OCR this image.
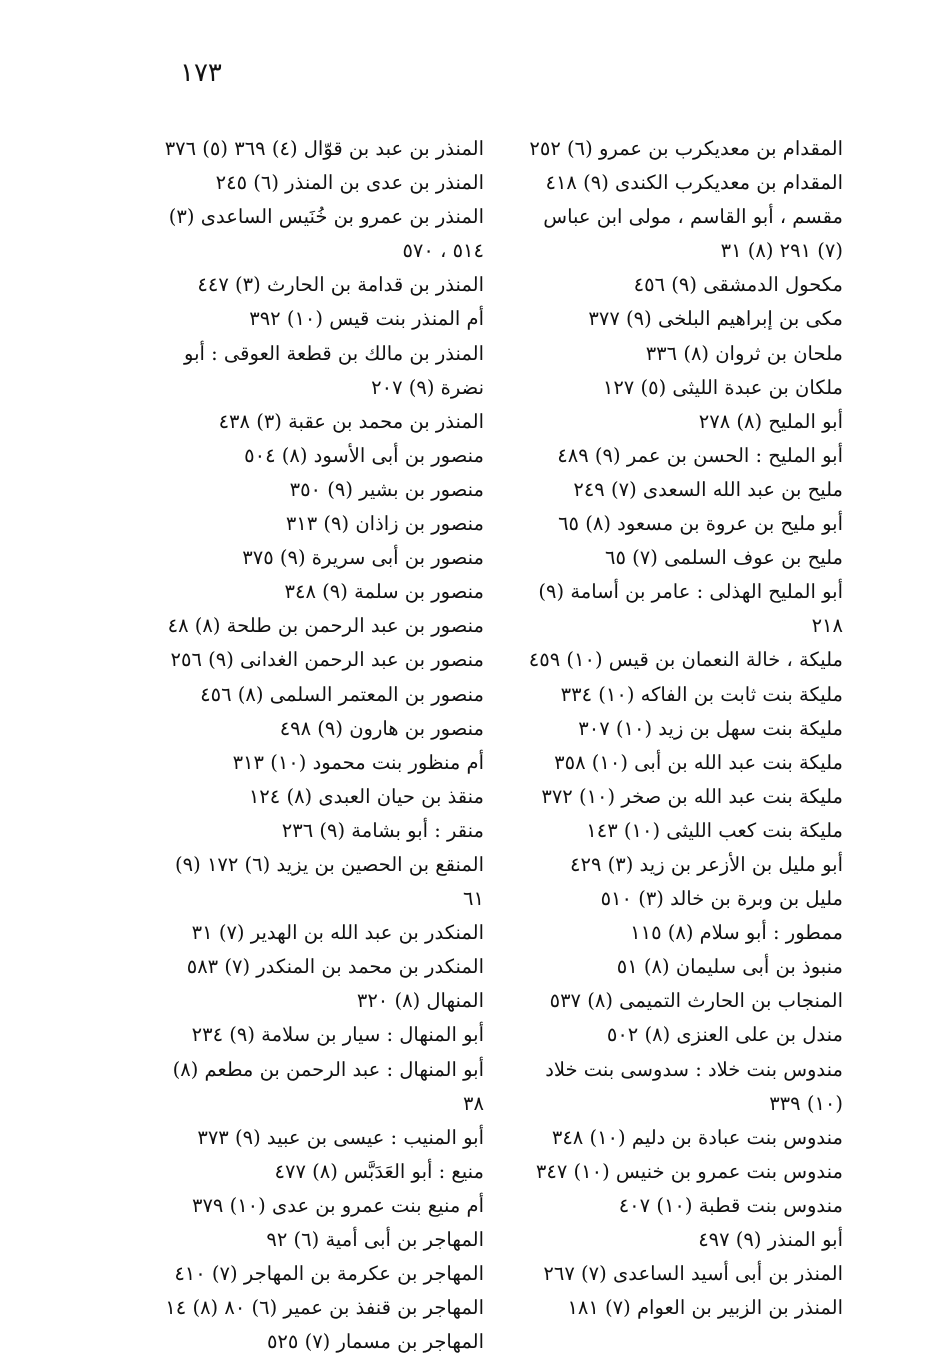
١٧٣
المقدام بن معديكرب بن عمرو (٦) ٢٥٢
المقدام بن معديكرب الكندى (٩) ٤١٨
مقسم ، أبو القاسم ، مولى ابن عباس (٧) ٢٩١ (٨) ٣١
مكحول الدمشقى (٩) ٤٥٦
مكى بن إبراهيم البلخى (٩) ٣٧٧
ملحان بن ثروان (٨) ٣٣٦
ملكان بن عبدة الليثى (٥) ١٢٧
أبو المليح (٨) ٢٧٨
أبو المليح : الحسن بن عمر (٩) ٤٨٩
مليح بن عبد الله السعدى (٧) ٢٤٩
أبو مليح بن عروة بن مسعود (٨) ٦٥
مليح بن عوف السلمى (٧) ٦٥
أبو المليح الهذلى : عامر بن أسامة (٩) ٢١٨
مليكة ، خالة النعمان بن قيس (١٠) ٤٥٩
مليكة بنت ثابت بن الفاكه (١٠) ٣٣٤
مليكة بنت سهل بن زيد (١٠) ٣٠٧
مليكة بنت عبد الله بن أبى (١٠) ٣٥٨
مليكة بنت عبد الله بن صخر (١٠) ٣٧٢
مليكة بنت كعب الليثى (١٠) ١٤٣
أبو مليل بن الأزعر بن زيد (٣) ٤٢٩
مليل بن وبرة بن خالد (٣) ٥١٠
ممطور : أبو سلام (٨) ١١٥
منبوذ بن أبى سليمان (٨) ٥١
المنجاب بن الحارث التميمى (٨) ٥٣٧
مندل بن على العنزى (٨) ٥٠٢
مندوس بنت خلاد : سدوسى بنت خلاد (١٠) ٣٣٩
مندوس بنت عبادة بن دليم (١٠) ٣٤٨
مندوس بنت عمرو بن خنيس (١٠) ٣٤٧
مندوس بنت قطبة (١٠) ٤٠٧
أبو المنذر (٩) ٤٩٧
المنذر بن أبى أسيد الساعدى (٧) ٢٦٧
المنذر بن الزبير بن العوام (٧) ١٨١
المنذر بن عبد بن قوّال (٤) ٣٦٩ (٥) ٣٧٦
المنذر بن عدى بن المنذر (٦) ٢٤٥
المنذر بن عمرو بن خُنَيس الساعدى (٣) ٥١٤ ، ٥٧٠
المنذر بن قدامة بن الحارث (٣) ٤٤٧
أم المنذر بنت قيس (١٠) ٣٩٢
المنذر بن مالك بن قطعة العوقى : أبو نضرة (٩) ٢٠٧
المنذر بن محمد بن عقبة (٣) ٤٣٨
منصور بن أبى الأسود (٨) ٥٠٤
منصور بن بشير (٩) ٣٥٠
منصور بن زاذان (٩) ٣١٣
منصور بن أبى سريرة (٩) ٣٧٥
منصور بن سلمة (٩) ٣٤٨
منصور بن عبد الرحمن بن طلحة (٨) ٤٨
منصور بن عبد الرحمن الغدانى (٩) ٢٥٦
منصور بن المعتمر السلمى (٨) ٤٥٦
منصور بن هارون (٩) ٤٩٨
أم منظور بنت محمود (١٠) ٣١٣
منقذ بن حيان العبدى (٨) ١٢٤
منقر : أبو بشامة (٩) ٢٣٦
المنقع بن الحصين بن يزيد (٦) ١٧٢ (٩) ٦١
المنكدر بن عبد الله بن الهدير (٧) ٣١
المنكدر بن محمد بن المنكدر (٧) ٥٨٣
المنهال (٨) ٣٢٠
أبو المنهال : سيار بن سلامة (٩) ٢٣٤
أبو المنهال : عبد الرحمن بن مطعم (٨) ٣٨
أبو المنيب : عيسى بن عبيد (٩) ٣٧٣
منيع : أبو العَدَبَّس (٨) ٤٧٧
أم منيع بنت عمرو بن عدى (١٠) ٣٧٩
المهاجر بن أبى أمية (٦) ٩٢
المهاجر بن عكرمة بن المهاجر (٧) ٤١٠
المهاجر بن قنفذ بن عمير (٦) ٨٠ (٨) ١٤
المهاجر بن مسمار (٧) ٥٢٥
